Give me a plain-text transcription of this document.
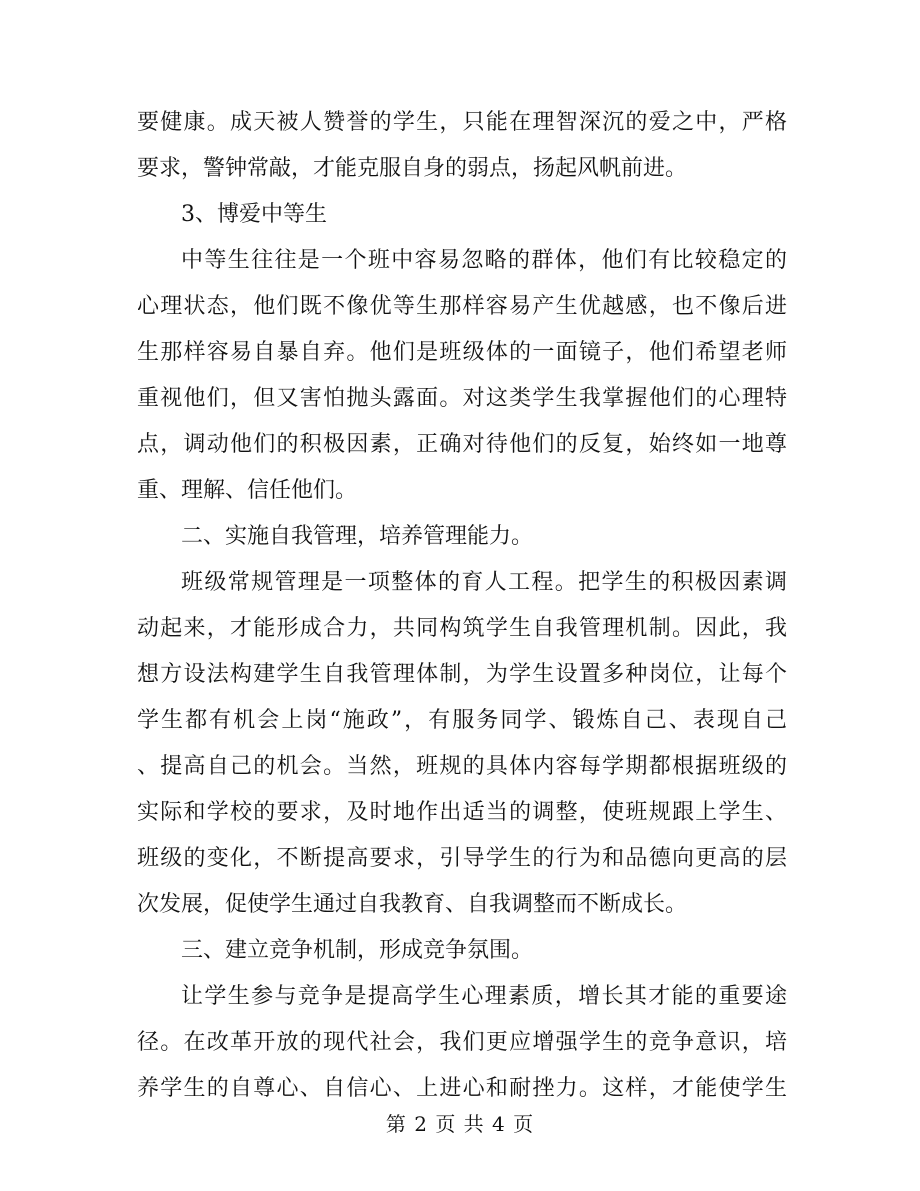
要健康。成天被人赞誉的学生，只能在理智深沉的爱之中，严格
要求，警钟常敲，才能克服自身的弱点，扬起风帆前进。
3、博爱中等生
中等生往往是一个班中容易忽略的群体，他们有比较稳定的
心理状态，他们既不像优等生那样容易产生优越感，也不像后进
生那样容易自暴自弃。他们是班级体的一面镜子，他们希望老师
重视他们，但又害怕抛头露面。对这类学生我掌握他们的心理特
点，调动他们的积极因素，正确对待他们的反复，始终如一地尊
重、理解、信任他们。
二、实施自我管理，培养管理能力。
班级常规管理是一项整体的育人工程。把学生的积极因素调
动起来，才能形成合力，共同构筑学生自我管理机制。因此，我
想方设法构建学生自我管理体制，为学生设置多种岗位，让每个
学生都有机会上岗“施政”，有服务同学、锻炼自己、表现自己
、提高自己的机会。当然，班规的具体内容每学期都根据班级的
实际和学校的要求，及时地作出适当的调整，使班规跟上学生、
班级的变化，不断提高要求，引导学生的行为和品德向更高的层
次发展，促使学生通过自我教育、自我调整而不断成长。
三、建立竞争机制，形成竞争氛围。
让学生参与竞争是提高学生心理素质，增长其才能的重要途
径。在改革开放的现代社会，我们更应增强学生的竞争意识，培
养学生的自尊心、自信心、上进心和耐挫力。这样，才能使学生
第 2 页 共 4 页
